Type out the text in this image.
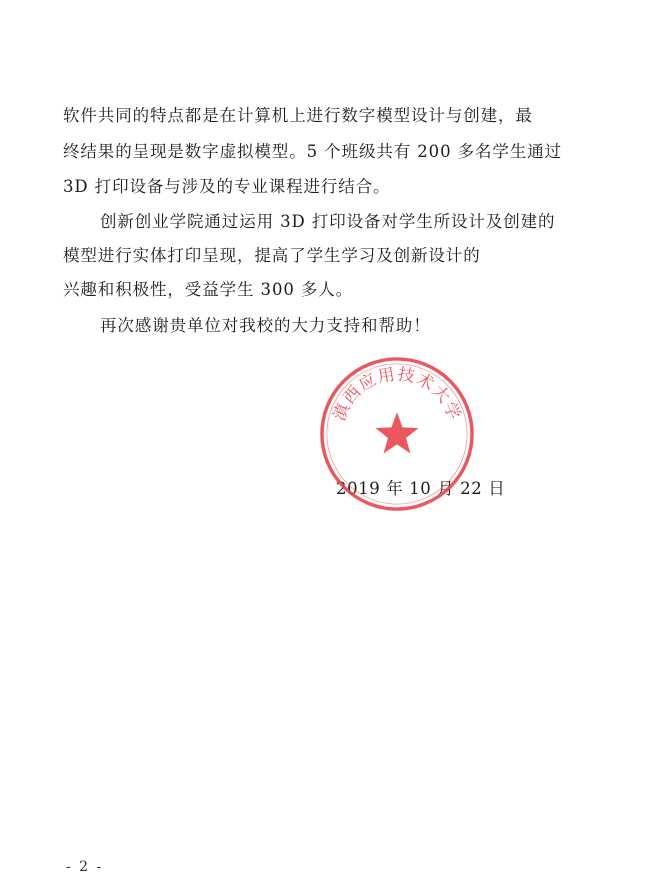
软件共同的特点都是在计算机上进行数字模型设计与创建，最
终结果的呈现是数字虚拟模型。5 个班级共有 200 多名学生通过
3D 打印设备与涉及的专业课程进行结合。
创新创业学院通过运用 3D 打印设备对学生所设计及创建的
模型进行实体打印呈现，提高了学生学习及创新设计的
兴趣和积极性，受益学生 300 多人。
再次感谢贵单位对我校的大力支持和帮助！
2019 年 10 月 22 日
滇西应用技术大学
- 2 -
